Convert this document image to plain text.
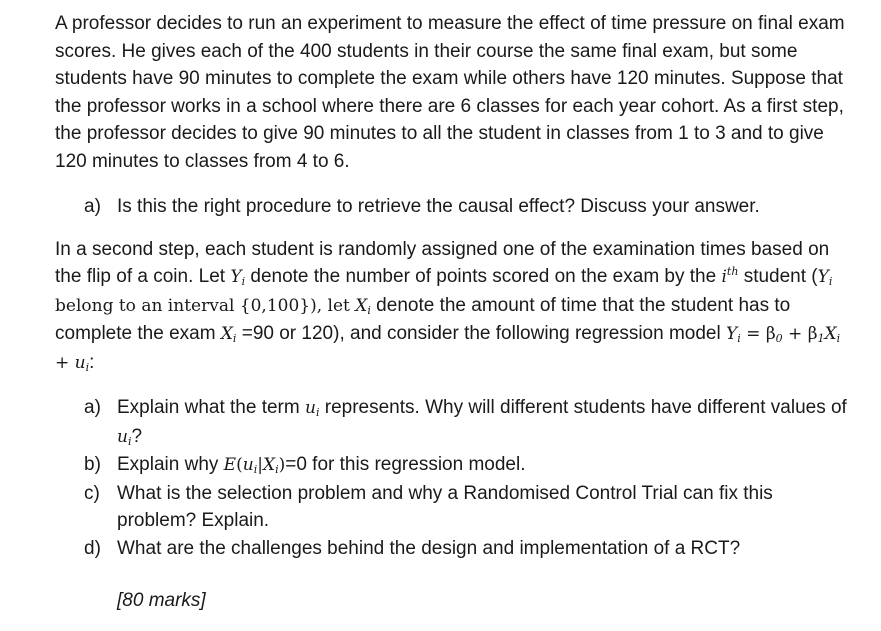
A professor decides to run an experiment to measure the effect of time pressure on final exam scores. He gives each of the 400 students in their course the same final exam, but some students have 90 minutes to complete the exam while others have 120 minutes. Suppose that the professor works in a school where there are 6 classes for each year cohort. As a first step, the professor decides to give 90 minutes to all the student in classes from 1 to 3 and to give 120 minutes to classes from 4 to 6.

a) Is this the right procedure to retrieve the causal effect? Discuss your answer.

In a second step, each student is randomly assigned one of the examination times based on the flip of a coin. Let $Y_i$ denote the number of points scored on the exam by the $i^{th}$ student ($Y_i$ belong to an interval {0,100}), let $X_i$ denote the amount of time that the student has to complete the exam $X_i =90$ or 120), and consider the following regression model $Y_i = \beta_0 + \beta_1X_i + u_i$:

a) Explain what the term $u_i$ represents. Why will different students have different values of $u_i$?
b) Explain why $E(u_i|X_i)=0$ for this regression model.
c) What is the selection problem and why a Randomised Control Trial can fix this problem? Explain.
d) What are the challenges behind the design and implementation of a RCT?

[80 marks]
